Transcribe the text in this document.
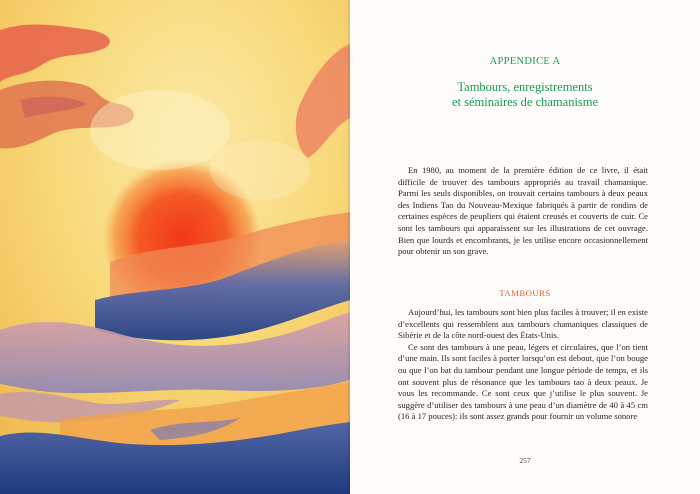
APPENDICE A
Tambours, enregistrements
et séminaires de chamanisme

En 1980, au moment de la première édition de ce livre, il était difficile de trouver des tambours appropriés au travail chamanique. Parmi les seuls disponibles, on trouvait certains tambours à deux peaux des Indiens Tao du Nouveau-Mexique fabriqués à partir de rondins de certaines espèces de peupliers qui étaient creusés et couverts de cuir. Ce sont les tambours qui apparaissent sur les illustrations de cet ouvrage. Bien que lourds et encombrants, je les utilise encore occasionnellement pour obtenir un son grave.

TAMBOURS

Aujourd’hui, les tambours sont bien plus faciles à trouver; il en existe d’excellents qui ressemblent aux tambours chamaniques classiques de Sibérie et de la côte nord-ouest des États-Unis.

Ce sont des tambours à une peau, légers et circulaires, que l’on tient d’une main. Ils sont faciles à porter lorsqu’on est debout, que l’on bouge ou que l’on bat du tambour pendant une longue période de temps, et ils ont souvent plus de résonance que les tambours tao à deux peaux. Je vous les recommande. Ce sont ceux que j’utilise le plus souvent. Je suggère d’utiliser des tambours à une peau d’un diamètre de 40 à 45 cm (16 à 17 pouces): ils sont assez grands pour fournir un volume sonore

257
